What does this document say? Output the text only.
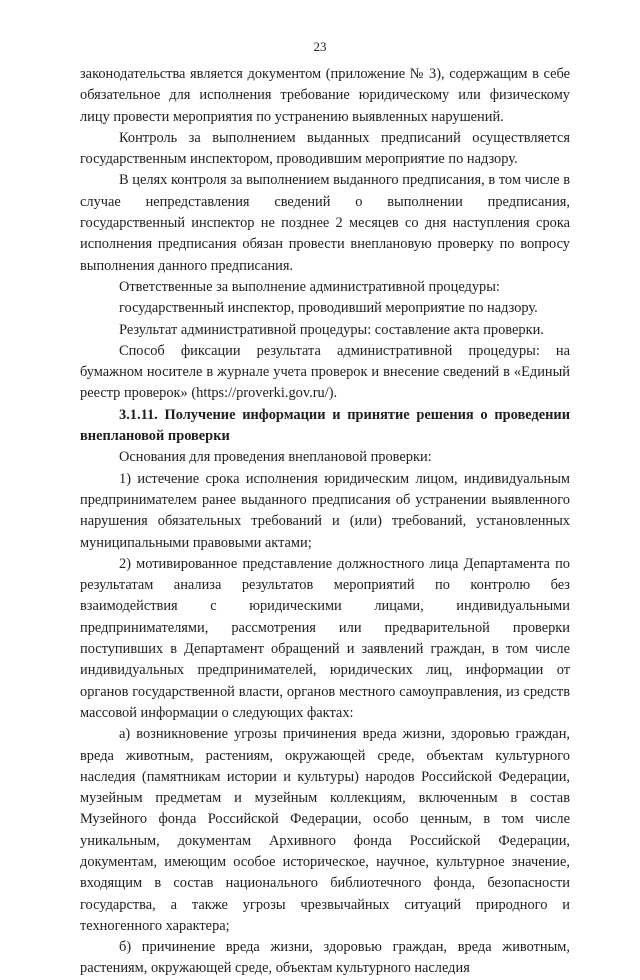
23

законодательства является документом (приложение № 3), содержащим в себе обязательное для исполнения требование юридическому или физическому лицу провести мероприятия по устранению выявленных нарушений.

Контроль за выполнением выданных предписаний осуществляется государственным инспектором, проводившим мероприятие по надзору.

В целях контроля за выполнением выданного предписания, в том числе в случае непредставления сведений о выполнении предписания, государственный инспектор не позднее 2 месяцев со дня наступления срока исполнения предписания обязан провести внеплановую проверку по вопросу выполнения данного предписания.

Ответственные за выполнение административной процедуры:

государственный инспектор, проводивший мероприятие по надзору.

Результат административной процедуры: составление акта проверки.

Способ фиксации результата административной процедуры: на бумажном носителе в журнале учета проверок и внесение сведений в «Единый реестр проверок» (https://proverki.gov.ru/).

3.1.11. Получение информации и принятие решения о проведении внеплановой проверки

Основания для проведения внеплановой проверки:

1) истечение срока исполнения юридическим лицом, индивидуальным предпринимателем ранее выданного предписания об устранении выявленного нарушения обязательных требований и (или) требований, установленных муниципальными правовыми актами;

2) мотивированное представление должностного лица Департамента по результатам анализа результатов мероприятий по контролю без взаимодействия с юридическими лицами, индивидуальными предпринимателями, рассмотрения или предварительной проверки поступивших в Департамент обращений и заявлений граждан, в том числе индивидуальных предпринимателей, юридических лиц, информации от органов государственной власти, органов местного самоуправления, из средств массовой информации о следующих фактах:

а) возникновение угрозы причинения вреда жизни, здоровью граждан, вреда животным, растениям, окружающей среде, объектам культурного наследия (памятникам истории и культуры) народов Российской Федерации, музейным предметам и музейным коллекциям, включенным в состав Музейного фонда Российской Федерации, особо ценным, в том числе уникальным, документам Архивного фонда Российской Федерации, документам, имеющим особое историческое, научное, культурное значение, входящим в состав национального библиотечного фонда, безопасности государства, а также угрозы чрезвычайных ситуаций природного и техногенного характера;

б) причинение вреда жизни, здоровью граждан, вреда животным, растениям, окружающей среде, объектам культурного наследия
